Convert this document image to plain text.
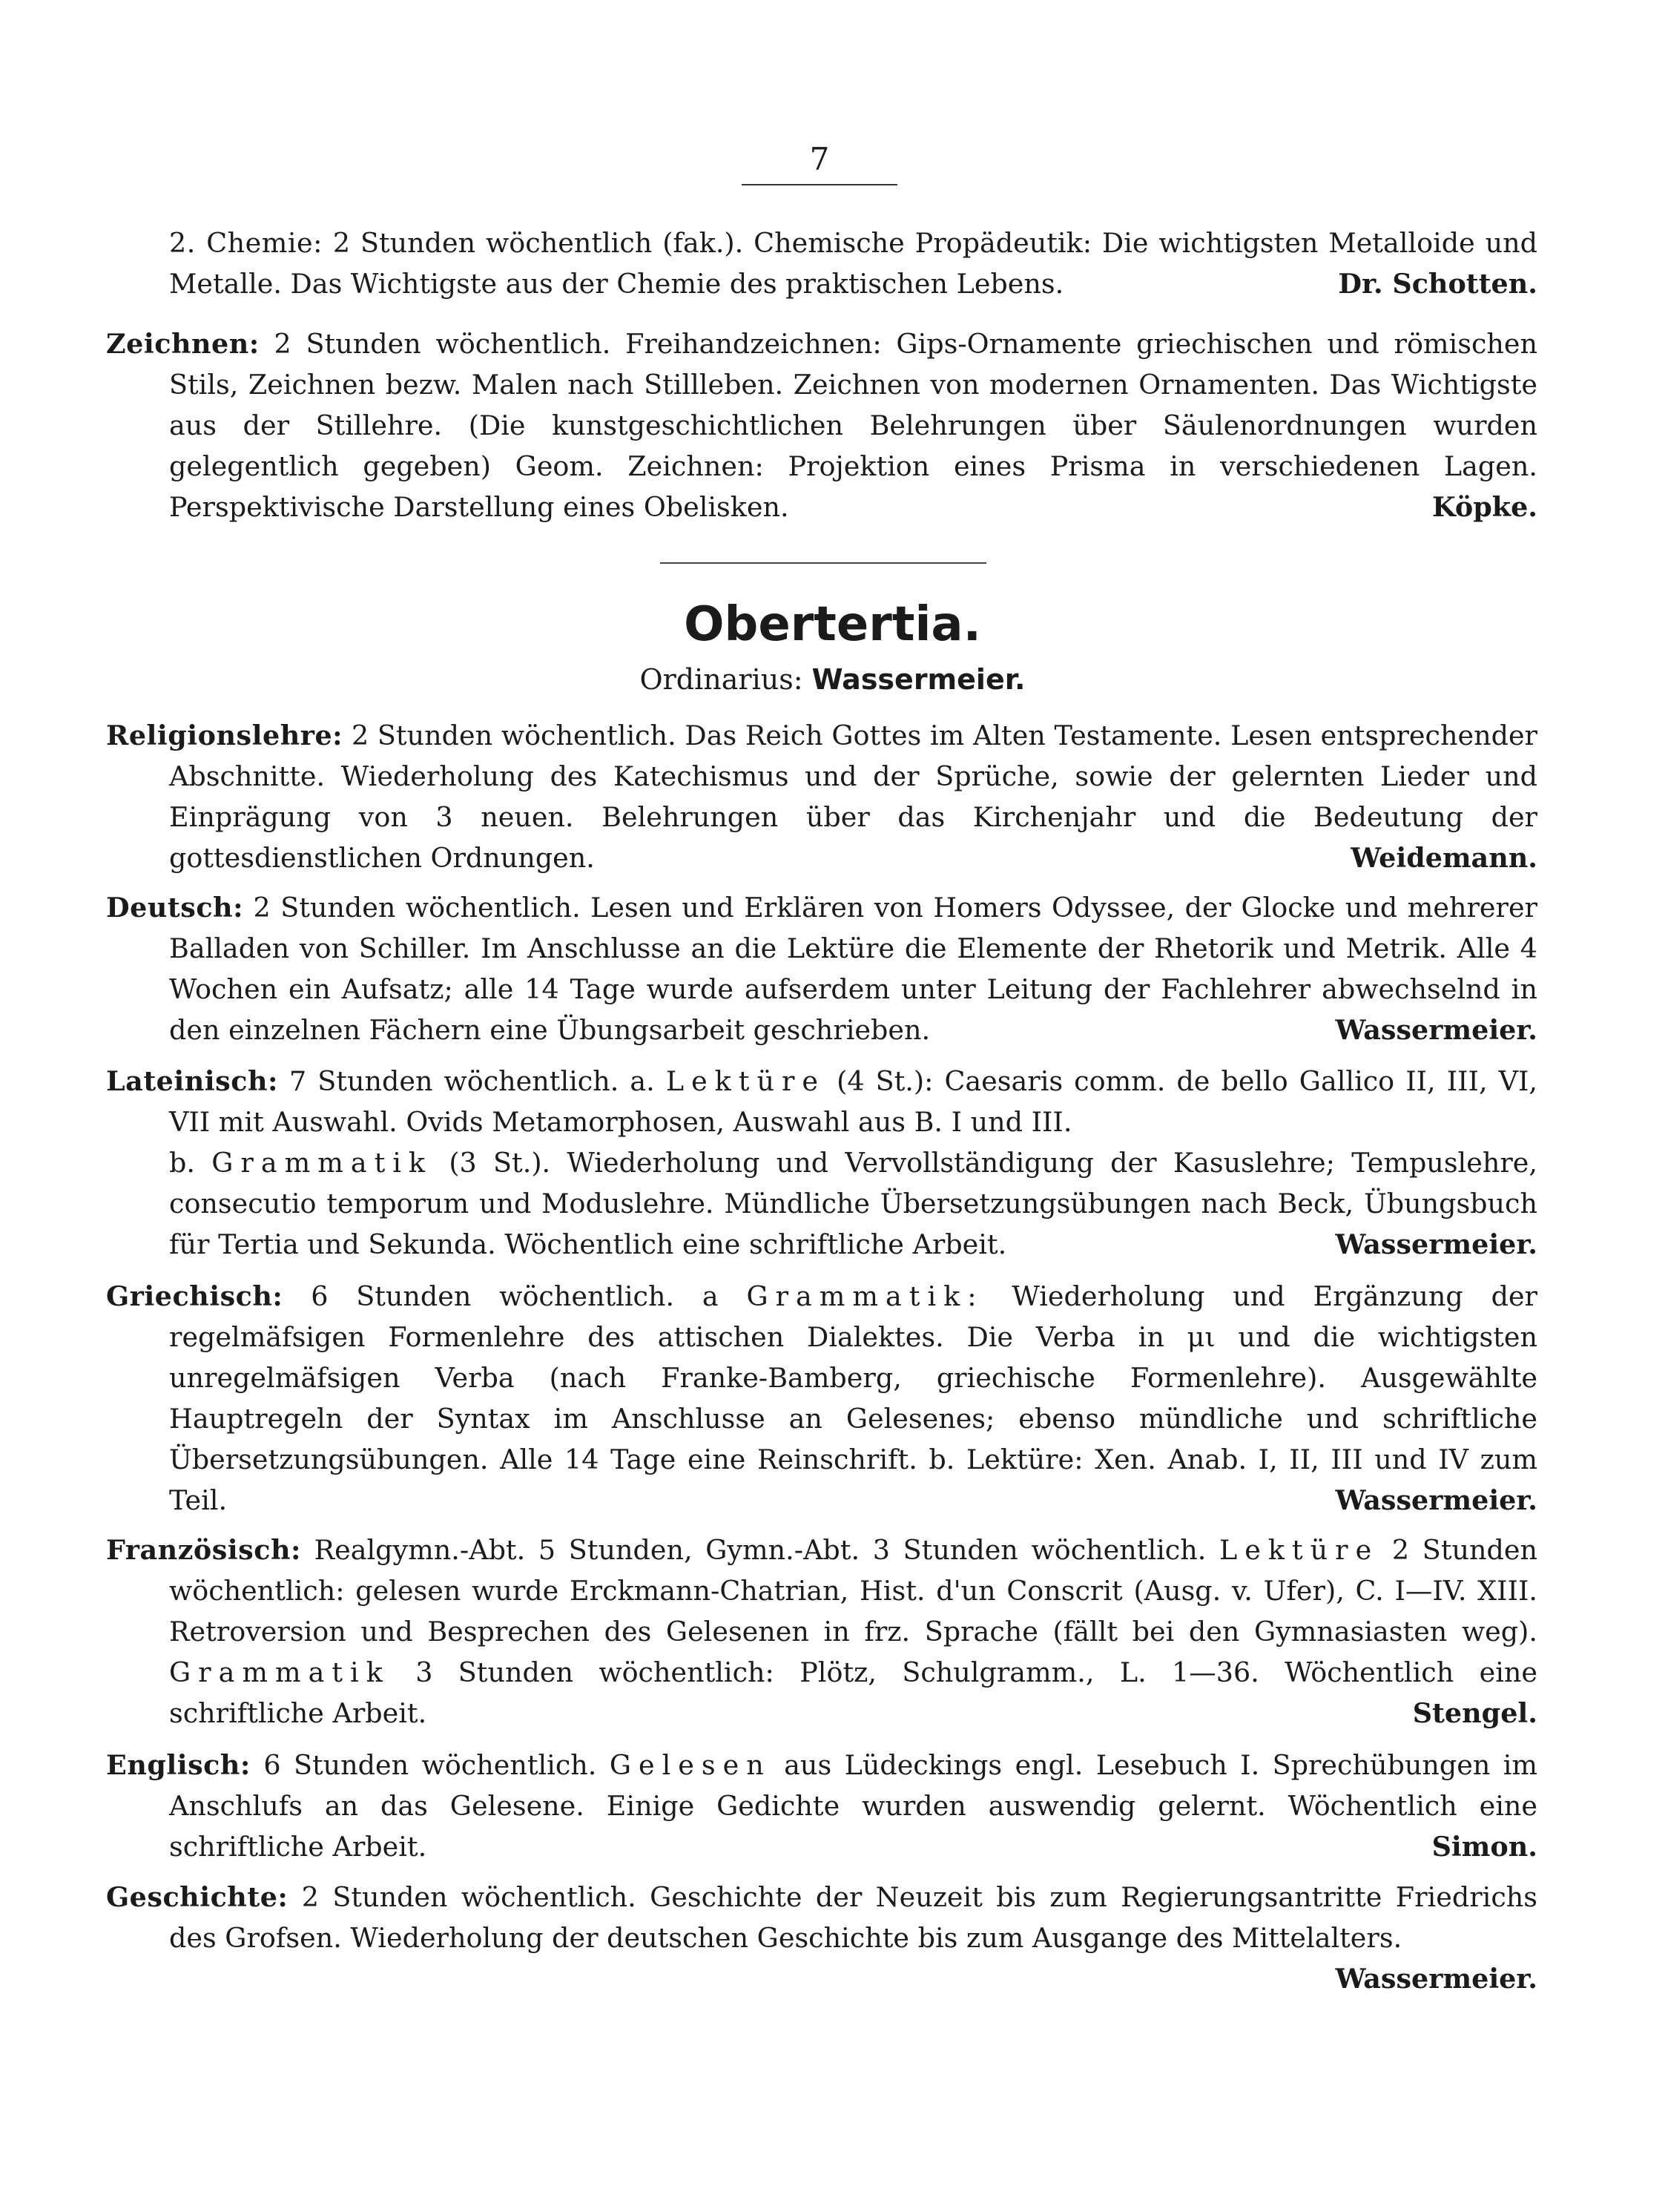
7
2. Chemie: 2 Stunden wöchentlich (fak.). Chemische Propädeutik: Die wichtigsten Metalloide und Metalle. Das Wichtigste aus der Chemie des praktischen Lebens.	Dr. Schotten.
Zeichnen: 2 Stunden wöchentlich. Freihandzeichnen: Gips-Ornamente griechischen und römischen Stils, Zeichnen bezw. Malen nach Stillleben. Zeichnen von modernen Ornamenten. Das Wichtigste aus der Stillehre. (Die kunstgeschichtlichen Belehrungen über Säulenordnungen wurden gelegentlich gegeben) Geom. Zeichnen: Projektion eines Prisma in verschiedenen Lagen. Perspektivische Darstellung eines Obelisken.	Köpke.
Obertertia.
Ordinarius: Wassermeier.
Religionslehre: 2 Stunden wöchentlich. Das Reich Gottes im Alten Testamente. Lesen entsprechender Abschnitte. Wiederholung des Katechismus und der Sprüche, sowie der gelernten Lieder und Einprägung von 3 neuen. Belehrungen über das Kirchenjahr und die Bedeutung der gottesdienstlichen Ordnungen.	Weidemann.
Deutsch: 2 Stunden wöchentlich. Lesen und Erklären von Homers Odyssee, der Glocke und mehrerer Balladen von Schiller. Im Anschlusse an die Lektüre die Elemente der Rhetorik und Metrik. Alle 4 Wochen ein Aufsatz; alle 14 Tage wurde aufserdem unter Leitung der Fachlehrer abwechselnd in den einzelnen Fächern eine Übungsarbeit geschrieben.	Wassermeier.
Lateinisch: 7 Stunden wöchentlich. a. Lektüre (4 St.): Caesaris comm. de bello Gallico II, III, VI, VII mit Auswahl. Ovids Metamorphosen, Auswahl aus B. I und III.
b. Grammatik (3 St.). Wiederholung und Vervollständigung der Kasuslehre; Tempuslehre, consecutio temporum und Moduslehre. Mündliche Übersetzungsübungen nach Beck, Übungsbuch für Tertia und Sekunda. Wöchentlich eine schriftliche Arbeit.	Wassermeier.
Griechisch: 6 Stunden wöchentlich. a Grammatik: Wiederholung und Ergänzung der regelmäfsigen Formenlehre des attischen Dialektes. Die Verba in μι und die wichtigsten unregelmäfsigen Verba (nach Franke-Bamberg, griechische Formenlehre). Ausgewählte Hauptregeln der Syntax im Anschlusse an Gelesenes; ebenso mündliche und schriftliche Übersetzungsübungen. Alle 14 Tage eine Reinschrift. b. Lektüre: Xen. Anab. I, II, III und IV zum Teil.	Wassermeier.
Französisch: Realgymn.-Abt. 5 Stunden, Gymn.-Abt. 3 Stunden wöchentlich. Lektüre 2 Stunden wöchentlich: gelesen wurde Erckmann-Chatrian, Hist. d'un Conscrit (Ausg. v. Ufer), C. I—IV. XIII. Retroversion und Besprechen des Gelesenen in frz. Sprache (fällt bei den Gymnasiasten weg). Grammatik 3 Stunden wöchentlich: Plötz, Schulgramm., L. 1—36. Wöchentlich eine schriftliche Arbeit.	Stengel.
Englisch: 6 Stunden wöchentlich. Gelesen aus Lüdeckings engl. Lesebuch I. Sprechübungen im Anschlufs an das Gelesene. Einige Gedichte wurden auswendig gelernt. Wöchentlich eine schriftliche Arbeit.	Simon.
Geschichte: 2 Stunden wöchentlich. Geschichte der Neuzeit bis zum Regierungsantritte Friedrichs des Grofsen. Wiederholung der deutschen Geschichte bis zum Ausgange des Mittelalters.
Wassermeier.
